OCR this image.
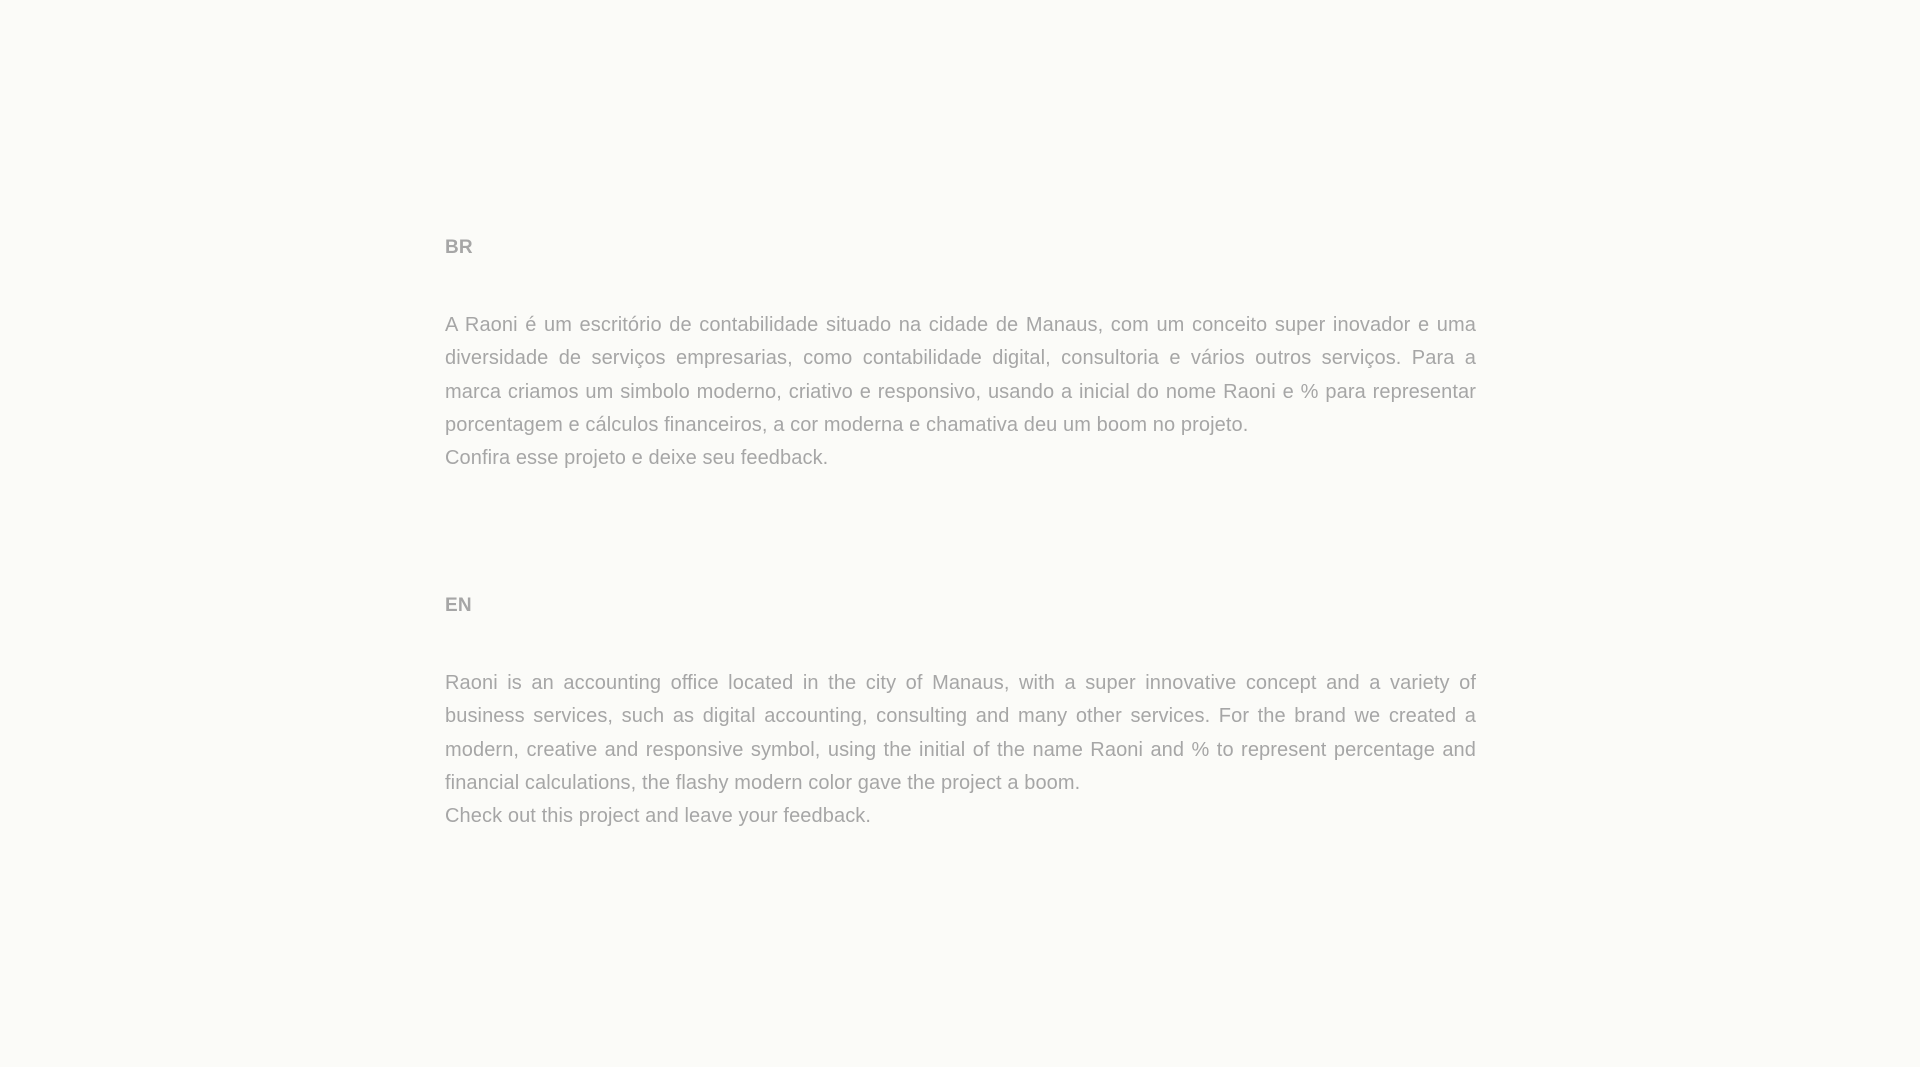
BR

A Raoni é um escritório de contabilidade situado na cidade de Manaus, com um conceito super inovador e uma diversidade de serviços empresarias, como contabilidade digital, consultoria e vários outros serviços. Para a marca criamos um simbolo moderno, criativo e responsivo, usando a inicial do nome Raoni e % para representar porcentagem e cálculos financeiros, a cor moderna e chamativa deu um boom no projeto.

Confira esse projeto e deixe seu feedback.

EN

Raoni is an accounting office located in the city of Manaus, with a super innovative concept and a variety of business services, such as digital accounting, consulting and many other services. For the brand we created a modern, creative and responsive symbol, using the initial of the name Raoni and % to represent percentage and financial calculations, the flashy modern color gave the project a boom.

Check out this project and leave your feedback.
